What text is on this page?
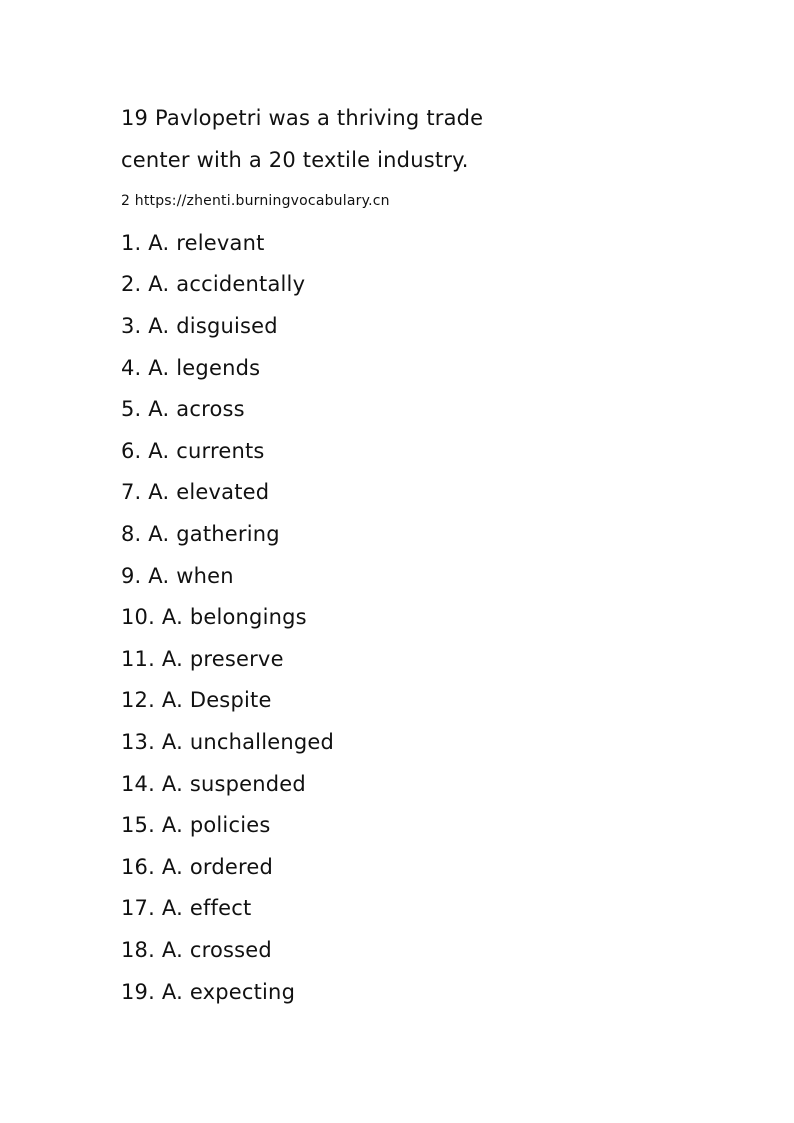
19 Pavlopetri was a thriving trade
center with a 20 textile industry.
2 https://zhenti.burningvocabulary.cn
1. A. relevant
2. A. accidentally
3. A. disguised
4. A. legends
5. A. across
6. A. currents
7. A. elevated
8. A. gathering
9. A. when
10. A. belongings
11. A. preserve
12. A. Despite
13. A. unchallenged
14. A. suspended
15. A. policies
16. A. ordered
17. A. effect
18. A. crossed
19. A. expecting
